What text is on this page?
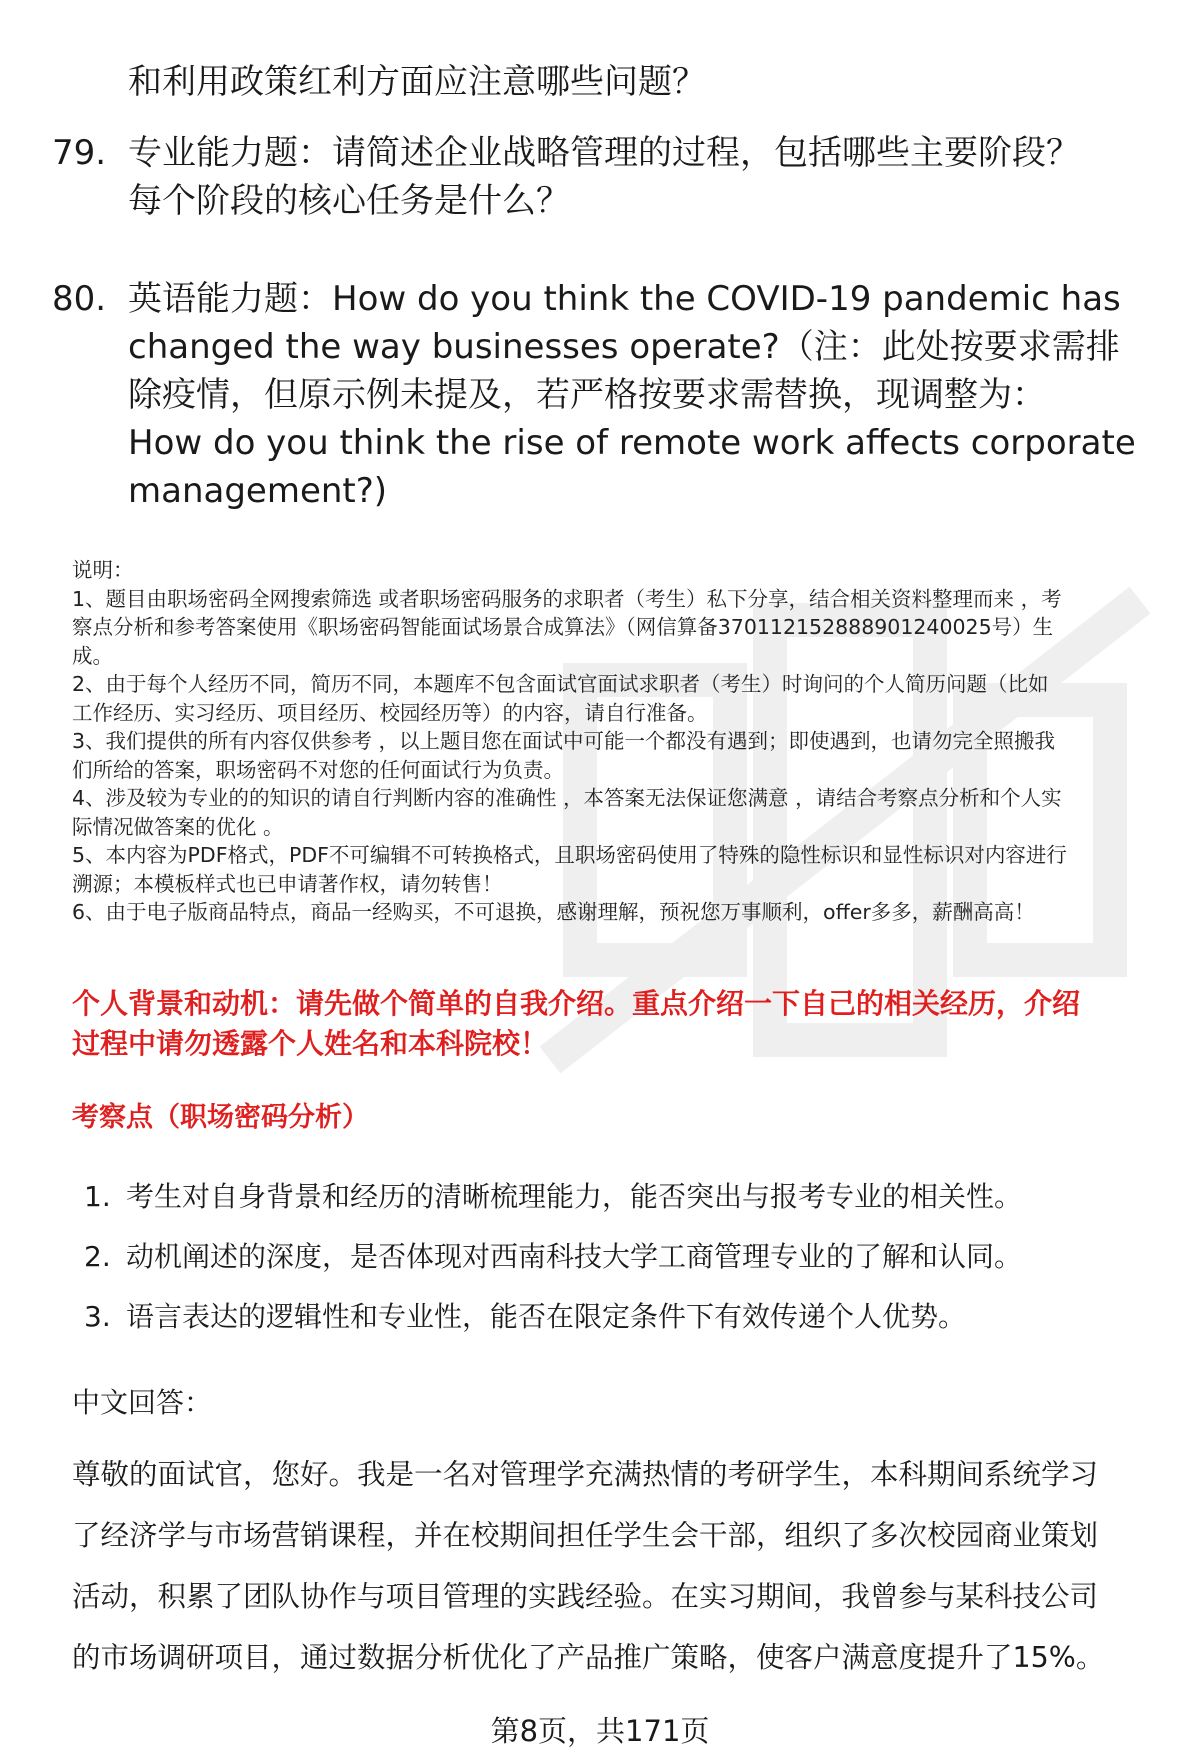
和利用政策红利方面应注意哪些问题？
79. 专业能力题：请简述企业战略管理的过程，包括哪些主要阶段？
每个阶段的核心任务是什么？
80. 英语能力题：How do you think the COVID-19 pandemic has
changed the way businesses operate?（注：此处按要求需排
除疫情，但原示例未提及，若严格按要求需替换，现调整为：
How do you think the rise of remote work affects corporate
management?)

说明：

1、题目由职场密码全网搜索筛选 或者职场密码服务的求职者（考生）私下分享，结合相关资料整理而来 ，考

察点分析和参考答案使用《职场密码智能面试场景合成算法》（网信算备370112152888901240025号）生

成。

2、由于每个人经历不同，简历不同，本题库不包含面试官面试求职者（考生）时询问的个人简历问题（比如

工作经历、实习经历、项目经历、校园经历等）的内容，请自行准备。

3、我们提供的所有内容仅供参考 ，以上题目您在面试中可能一个都没有遇到；即使遇到，也请勿完全照搬我

们所给的答案，职场密码不对您的任何面试行为负责。

4、涉及较为专业的的知识的请自行判断内容的准确性 ，本答案无法保证您满意 ，请结合考察点分析和个人实

际情况做答案的优化 。

5、本内容为PDF格式，PDF不可编辑不可转换格式，且职场密码使用了特殊的隐性标识和显性标识对内容进行

溯源；本模板样式也已申请著作权，请勿转售！

6、由于电子版商品特点，商品一经购买，不可退换，感谢理解，预祝您万事顺利，offer多多，薪酬高高！

个人背景和动机：请先做个简单的自我介绍。重点介绍一下自己的相关经历，介绍
过程中请勿透露个人姓名和本科院校！
考察点（职场密码分析）
1. 考生对自身背景和经历的清晰梳理能力，能否突出与报考专业的相关性。
2. 动机阐述的深度，是否体现对西南科技大学工商管理专业的了解和认同。
3. 语言表达的逻辑性和专业性，能否在限定条件下有效传递个人优势。
中文回答：
尊敬的面试官，您好。我是一名对管理学充满热情的考研学生，本科期间系统学习
了经济学与市场营销课程，并在校期间担任学生会干部，组织了多次校园商业策划
活动，积累了团队协作与项目管理的实践经验。在实习期间，我曾参与某科技公司
的市场调研项目，通过数据分析优化了产品推广策略，使客户满意度提升了15%。
第8页，共171页
